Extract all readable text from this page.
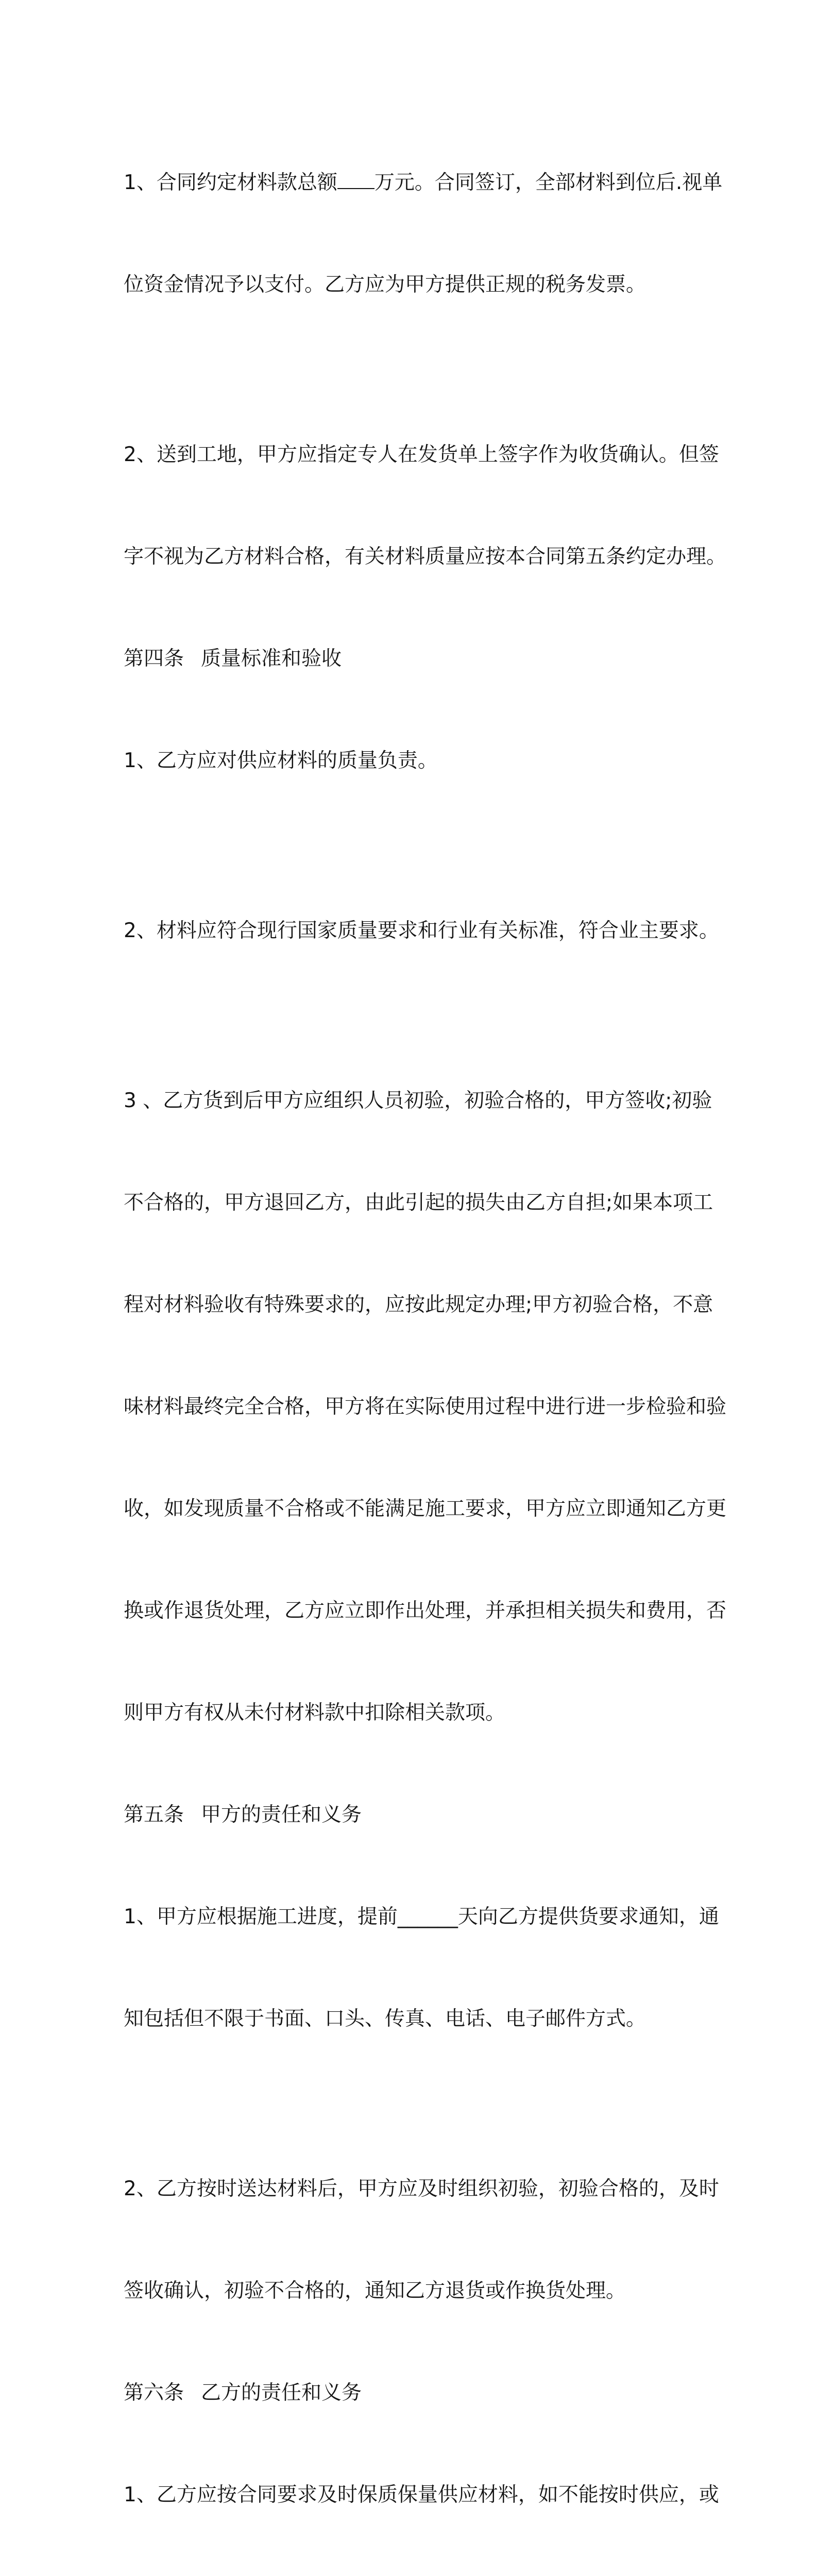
1、合同约定材料款总额 万元。合同签订，全部材料到位后.视单

位资金情况予以支付。乙方应为甲方提供正规的税务发票。

2、送到工地，甲方应指定专人在发货单上签字作为收货确认。但签

字不视为乙方材料合格，有关材料质量应按本合同第五条约定办理。

第四条 质量标准和验收

1、乙方应对供应材料的质量负责。

2、材料应符合现行国家质量要求和行业有关标准，符合业主要求。

3 、乙方货到后甲方应组织人员初验，初验合格的，甲方签收;初验

不合格的，甲方退回乙方，由此引起的损失由乙方自担;如果本项工

程对材料验收有特殊要求的，应按此规定办理;甲方初验合格，不意

味材料最终完全合格，甲方将在实际使用过程中进行进一步检验和验

收，如发现质量不合格或不能满足施工要求，甲方应立即通知乙方更

换或作退货处理，乙方应立即作出处理，并承担相关损失和费用，否

则甲方有权从未付材料款中扣除相关款项。

第五条 甲方的责任和义务

1、甲方应根据施工进度，提前______天向乙方提供货要求通知，通

知包括但不限于书面、口头、传真、电话、电子邮件方式。

2、乙方按时送达材料后，甲方应及时组织初验，初验合格的，及时

签收确认，初验不合格的，通知乙方退货或作换货处理。

第六条 乙方的责任和义务

1、乙方应按合同要求及时保质保量供应材料，如不能按时供应，或
